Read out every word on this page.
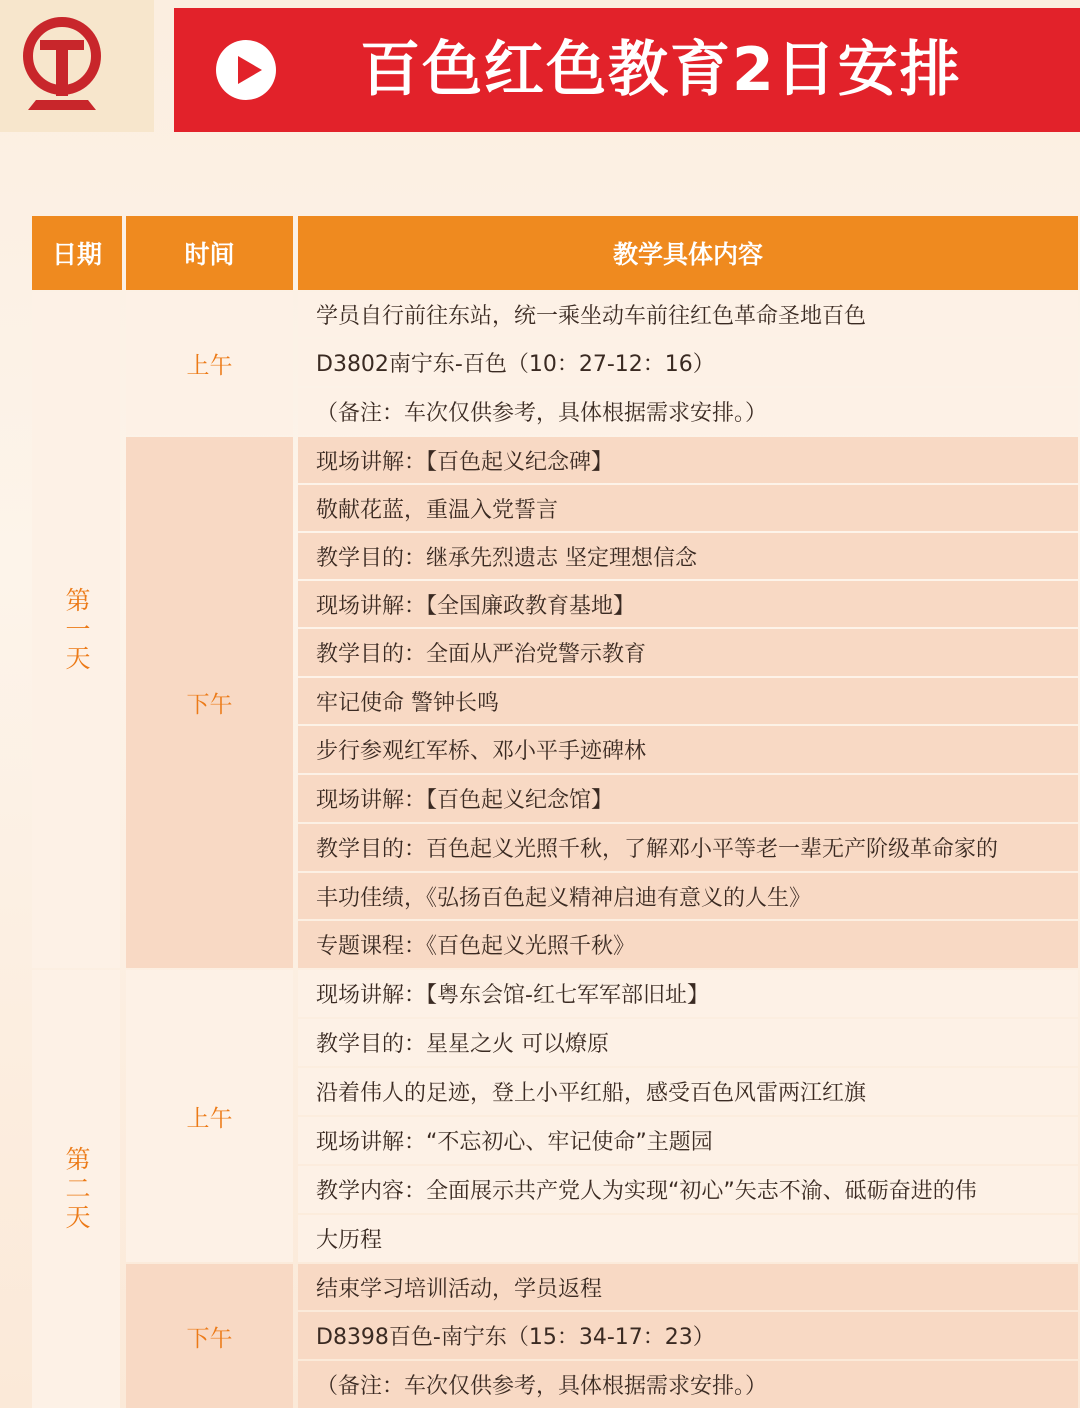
百色红色教育2日安排
日期	时间	教学具体内容
第一天
第二天
上午
下午
上午
下午
学员自行前往东站，统一乘坐动车前往红色革命圣地百色
D3802南宁东-百色（10：27-12：16）
（备注：车次仅供参考，具体根据需求安排。）
现场讲解：【百色起义纪念碑】
敬献花蓝，重温入党誓言
教学目的：继承先烈遗志 坚定理想信念
现场讲解：【全国廉政教育基地】
教学目的：全面从严治党警示教育
牢记使命 警钟长鸣
步行参观红军桥、邓小平手迹碑林
现场讲解：【百色起义纪念馆】
教学目的：百色起义光照千秋，了解邓小平等老一辈无产阶级革命家的
丰功佳绩，《弘扬百色起义精神启迪有意义的人生》
专题课程：《百色起义光照千秋》
现场讲解：【粤东会馆-红七军军部旧址】
教学目的：星星之火 可以燎原
沿着伟人的足迹，登上小平红船，感受百色风雷两江红旗
现场讲解：“不忘初心、牢记使命”主题园
教学内容：全面展示共产党人为实现“初心”矢志不渝、砥砺奋进的伟
大历程
结束学习培训活动，学员返程
D8398百色-南宁东（15：34-17：23）
（备注：车次仅供参考，具体根据需求安排。）
